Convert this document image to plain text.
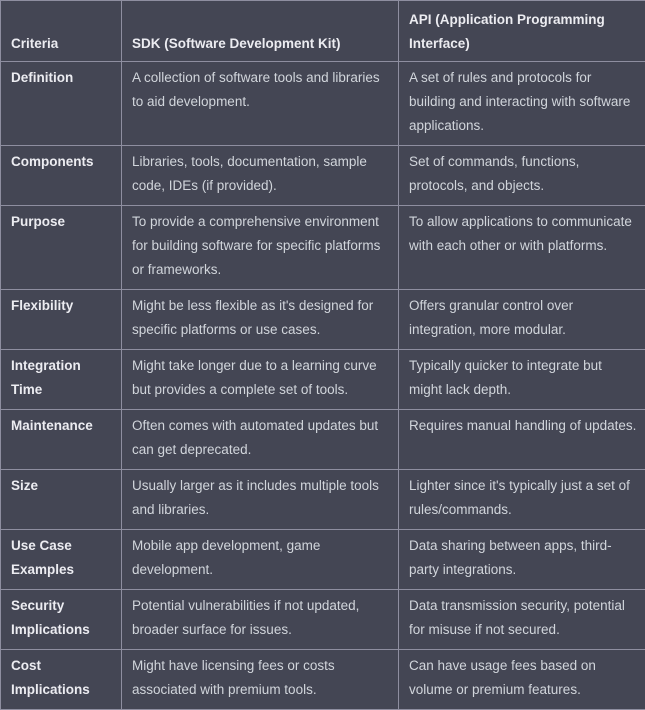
Criteria	SDK (Software Development Kit)	API (Application Programming Interface)
Definition	A collection of software tools and libraries to aid development.	A set of rules and protocols for building and interacting with software applications.
Components	Libraries, tools, documentation, sample code, IDEs (if provided).	Set of commands, functions, protocols, and objects.
Purpose	To provide a comprehensive environment for building software for specific platforms or frameworks.	To allow applications to communicate with each other or with platforms.
Flexibility	Might be less flexible as it's designed for specific platforms or use cases.	Offers granular control over integration, more modular.
Integration Time	Might take longer due to a learning curve but provides a complete set of tools.	Typically quicker to integrate but might lack depth.
Maintenance	Often comes with automated updates but can get deprecated.	Requires manual handling of updates.
Size	Usually larger as it includes multiple tools and libraries.	Lighter since it's typically just a set of rules/commands.
Use Case Examples	Mobile app development, game development.	Data sharing between apps, third-party integrations.
Security Implications	Potential vulnerabilities if not updated, broader surface for issues.	Data transmission security, potential for misuse if not secured.
Cost Implications	Might have licensing fees or costs associated with premium tools.	Can have usage fees based on volume or premium features.
